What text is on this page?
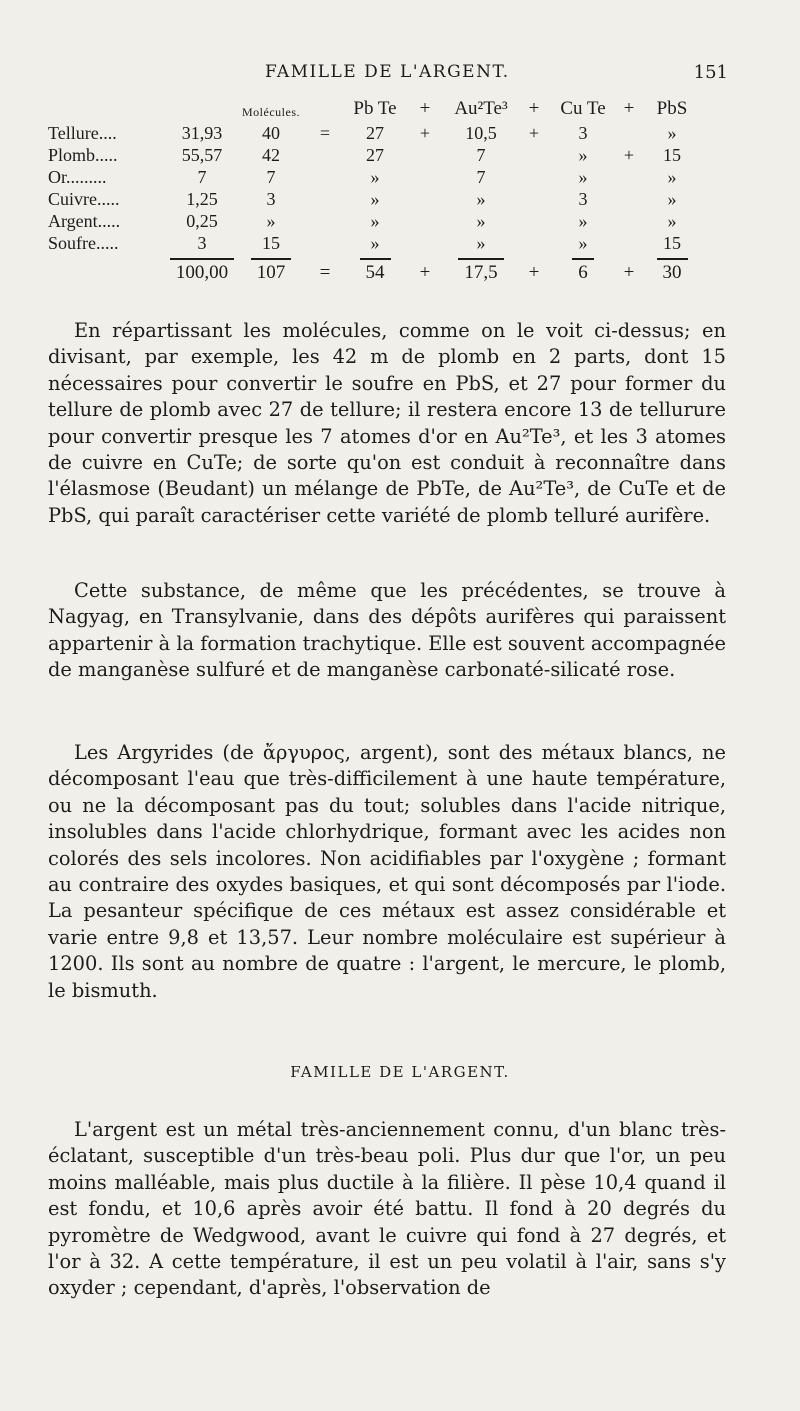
FAMILLE DE L'ARGENT.	151
		Molécules.		Pb Te	+	Au²Te³	+	Cu Te	+	PbS
Tellure....	31,93	40	=	27	+	10,5	+	3		»
Plomb.....	55,57	42		27		7		»	+	15
Or.........	7	7		»		7		»		»
Cuivre.....	1,25	3		»		»		3		»
Argent.....	0,25	»		»		»		»		»
Soufre.....	3	15		»		»		»		15
	100,00	107	=	54	+	17,5	+	6	+	30

En répartissant les molécules, comme on le voit ci-dessus; en divisant, par exemple, les 42 m de plomb en 2 parts, dont 15 nécessaires pour convertir le soufre en PbS, et 27 pour former du tellure de plomb avec 27 de tellure; il restera encore 13 de tellurure pour convertir presque les 7 atomes d'or en Au²Te³, et les 3 atomes de cuivre en CuTe; de sorte qu'on est conduit à reconnaître dans l'élasmose (Beudant) un mélange de PbTe, de Au²Te³, de CuTe et de PbS, qui paraît caractériser cette variété de plomb telluré aurifère.

Cette substance, de même que les précédentes, se trouve à Nagyag, en Transylvanie, dans des dépôts aurifères qui paraissent appartenir à la formation trachytique. Elle est souvent accompagnée de manganèse sulfuré et de manganèse carbonaté-silicaté rose.

Les Argyrides (de ἄργυρος, argent), sont des métaux blancs, ne décomposant l'eau que très-difficilement à une haute température, ou ne la décomposant pas du tout; solubles dans l'acide nitrique, insolubles dans l'acide chlorhydrique, formant avec les acides non colorés des sels incolores. Non acidifiables par l'oxygène ; formant au contraire des oxydes basiques, et qui sont décomposés par l'iode. La pesanteur spécifique de ces métaux est assez considérable et varie entre 9,8 et 13,57. Leur nombre moléculaire est supérieur à 1200. Ils sont au nombre de quatre : l'argent, le mercure, le plomb, le bismuth.

FAMILLE DE L'ARGENT.

L'argent est un métal très-anciennement connu, d'un blanc très-éclatant, susceptible d'un très-beau poli. Plus dur que l'or, un peu moins malléable, mais plus ductile à la filière. Il pèse 10,4 quand il est fondu, et 10,6 après avoir été battu. Il fond à 20 degrés du pyromètre de Wedgwood, avant le cuivre qui fond à 27 degrés, et l'or à 32. A cette température, il est un peu volatil à l'air, sans s'y oxyder ; cependant, d'après, l'observation de
